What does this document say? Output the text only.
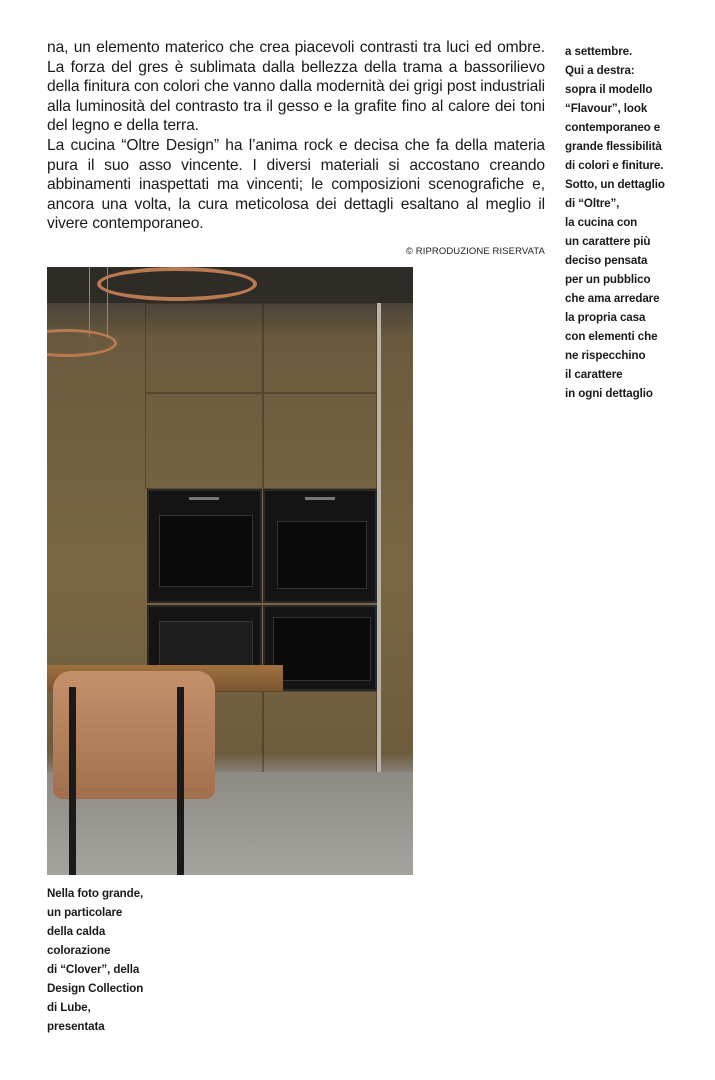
na, un elemento materico che crea piacevoli contrasti tra luci ed ombre. La forza del gres è sublimata dalla bellezza della trama a bassorilievo della finitura con colori che vanno dalla modernità dei grigi post industriali alla luminosità del contrasto tra il gesso e la grafite fino al calore dei toni del legno e della terra.

La cucina “Oltre Design” ha l’anima rock e decisa che fa della materia pura il suo asso vincente. I diversi materiali si accostano creando abbinamenti inaspettati ma vincenti; le composizioni scenografiche e, ancora una volta, la cura meticolosa dei dettagli esaltano al meglio il vivere contemporaneo.

© RIPRODUZIONE RISERVATA
a settembre.
Qui a destra:
sopra il modello
“Flavour”, look
contemporaneo e
grande flessibilità
di colori e finiture.
Sotto, un dettaglio
di “Oltre”,
la cucina con
un carattere più
deciso pensata
per un pubblico
che ama arredare
la propria casa
con elementi che
ne rispecchino
il carattere
in ogni dettaglio
Nella foto grande,
un particolare
della calda
colorazione
di “Clover”, della
Design Collection
di Lube,
presentata
